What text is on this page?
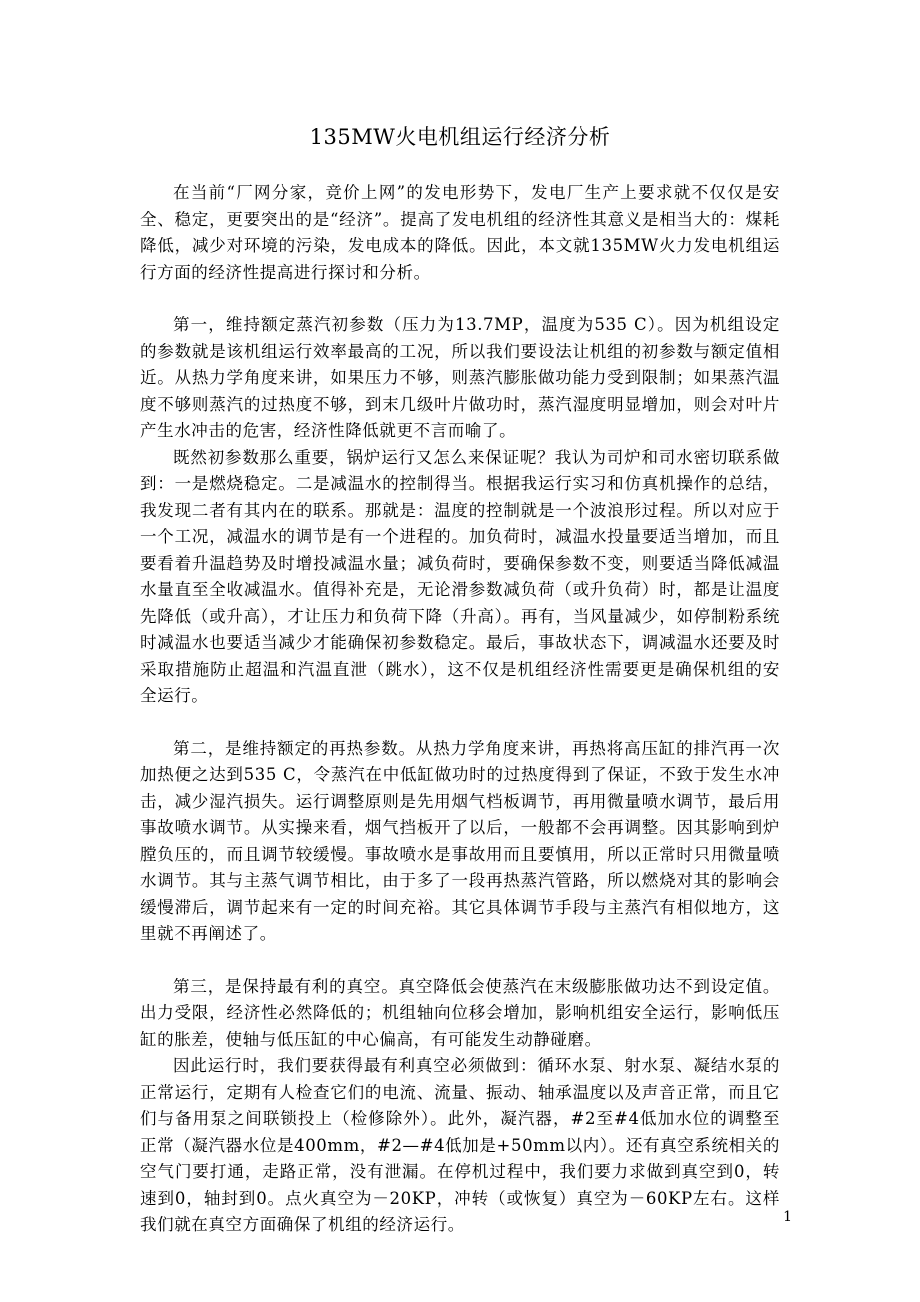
135MW火电机组运行经济分析

在当前“厂网分家，竞价上网”的发电形势下，发电厂生产上要求就不仅仅是安全、稳定，更要突出的是“经济”。提高了发电机组的经济性其意义是相当大的：煤耗降低，减少对环境的污染，发电成本的降低。因此，本文就135MW火力发电机组运行方面的经济性提高进行探讨和分析。

第一，维持额定蒸汽初参数（压力为13.7MP，温度为535 C）。因为机组设定的参数就是该机组运行效率最高的工况，所以我们要设法让机组的初参数与额定值相近。从热力学角度来讲，如果压力不够，则蒸汽膨胀做功能力受到限制；如果蒸汽温度不够则蒸汽的过热度不够，到末几级叶片做功时，蒸汽湿度明显增加，则会对叶片产生水冲击的危害，经济性降低就更不言而喻了。

既然初参数那么重要，锅炉运行又怎么来保证呢？我认为司炉和司水密切联系做到：一是燃烧稳定。二是减温水的控制得当。根据我运行实习和仿真机操作的总结，我发现二者有其内在的联系。那就是：温度的控制就是一个波浪形过程。所以对应于一个工况，减温水的调节是有一个进程的。加负荷时，减温水投量要适当增加，而且要看着升温趋势及时增投减温水量；减负荷时，要确保参数不变，则要适当降低减温水量直至全收减温水。值得补充是，无论滑参数减负荷（或升负荷）时，都是让温度先降低（或升高），才让压力和负荷下降（升高）。再有，当风量减少，如停制粉系统时减温水也要适当减少才能确保初参数稳定。最后，事故状态下，调减温水还要及时采取措施防止超温和汽温直泄（跳水），这不仅是机组经济性需要更是确保机组的安全运行。

第二，是维持额定的再热参数。从热力学角度来讲，再热将高压缸的排汽再一次加热便之达到535 C，令蒸汽在中低缸做功时的过热度得到了保证，不致于发生水冲击，减少湿汽损失。运行调整原则是先用烟气档板调节，再用微量喷水调节，最后用事故喷水调节。从实操来看，烟气挡板开了以后，一般都不会再调整。因其影响到炉膛负压的，而且调节较缓慢。事故喷水是事故用而且要慎用，所以正常时只用微量喷水调节。其与主蒸气调节相比，由于多了一段再热蒸汽管路，所以燃烧对其的影响会缓慢滞后，调节起来有一定的时间充裕。其它具体调节手段与主蒸汽有相似地方，这里就不再阐述了。

第三，是保持最有利的真空。真空降低会使蒸汽在末级膨胀做功达不到设定值。出力受限，经济性必然降低的；机组轴向位移会增加，影响机组安全运行，影响低压缸的胀差，使轴与低压缸的中心偏高，有可能发生动静碰磨。

因此运行时，我们要获得最有利真空必须做到：循环水泵、射水泵、凝结水泵的正常运行，定期有人检查它们的电流、流量、振动、轴承温度以及声音正常，而且它们与备用泵之间联锁投上（检修除外）。此外，凝汽器，#2至#4低加水位的调整至正常（凝汽器水位是400mm，#2—#4低加是+50mm以内）。还有真空系统相关的空气门要打通，走路正常，没有泄漏。在停机过程中，我们要力求做到真空到0，转速到0，轴封到0。点火真空为－20KP，冲转（或恢复）真空为－60KP左右。这样我们就在真空方面确保了机组的经济运行。	1
